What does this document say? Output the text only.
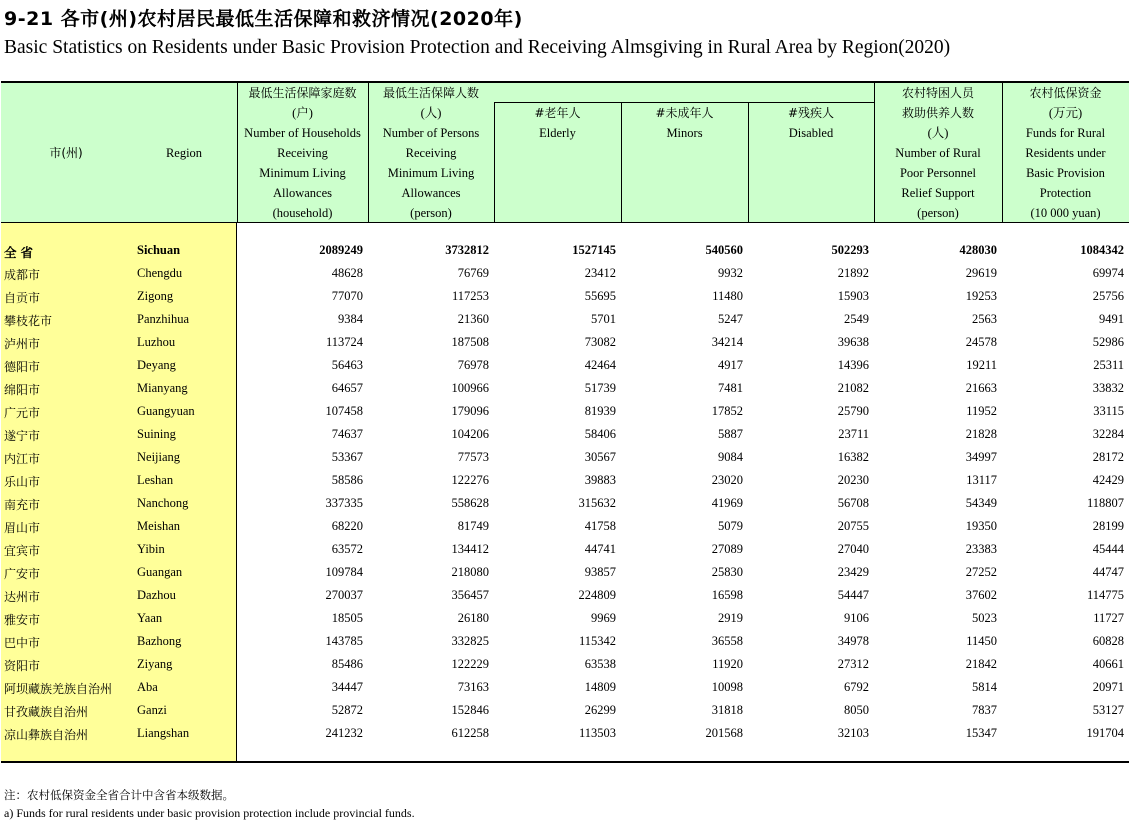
9-21 各市(州)农村居民最低生活保障和救济情况(2020年)
Basic Statistics on Residents under Basic Provision Protection and Receiving Almsgiving in Rural Area by Region(2020)
市(州)	Region
最低生活保障家庭数
(户)
Number of Households
Receiving
Minimum Living
Allowances
(household)
最低生活保障人数
(人)
Number of Persons
Receiving
Minimum Living
Allowances
(person)
#老年人
Elderly
#未成年人
Minors
#残疾人
Disabled
农村特困人员
救助供养人数
(人)
Number of Rural
Poor Personnel
Relief Support
(person)
农村低保资金
(万元)
Funds for Rural
Residents under
Basic Provision
Protection
(10 000 yuan)
全省	Sichuan	2089249	3732812	1527145	540560	502293	428030	1084342
成都市	Chengdu	48628	76769	23412	9932	21892	29619	69974
自贡市	Zigong	77070	117253	55695	11480	15903	19253	25756
攀枝花市	Panzhihua	9384	21360	5701	5247	2549	2563	9491
泸州市	Luzhou	113724	187508	73082	34214	39638	24578	52986
德阳市	Deyang	56463	76978	42464	4917	14396	19211	25311
绵阳市	Mianyang	64657	100966	51739	7481	21082	21663	33832
广元市	Guangyuan	107458	179096	81939	17852	25790	11952	33115
遂宁市	Suining	74637	104206	58406	5887	23711	21828	32284
内江市	Neijiang	53367	77573	30567	9084	16382	34997	28172
乐山市	Leshan	58586	122276	39883	23020	20230	13117	42429
南充市	Nanchong	337335	558628	315632	41969	56708	54349	118807
眉山市	Meishan	68220	81749	41758	5079	20755	19350	28199
宜宾市	Yibin	63572	134412	44741	27089	27040	23383	45444
广安市	Guangan	109784	218080	93857	25830	23429	27252	44747
达州市	Dazhou	270037	356457	224809	16598	54447	37602	114775
雅安市	Yaan	18505	26180	9969	2919	9106	5023	11727
巴中市	Bazhong	143785	332825	115342	36558	34978	11450	60828
资阳市	Ziyang	85486	122229	63538	11920	27312	21842	40661
阿坝藏族羌族自治州 Aba	34447	73163	14809	10098	6792	5814	20971
甘孜藏族自治州	Ganzi	52872	152846	26299	31818	8050	7837	53127
凉山彝族自治州	Liangshan	241232	612258	113503	201568	32103	15347	191704
注：农村低保资金全省合计中含省本级数据。
a) Funds for rural residents under basic provision protection include provincial funds.
